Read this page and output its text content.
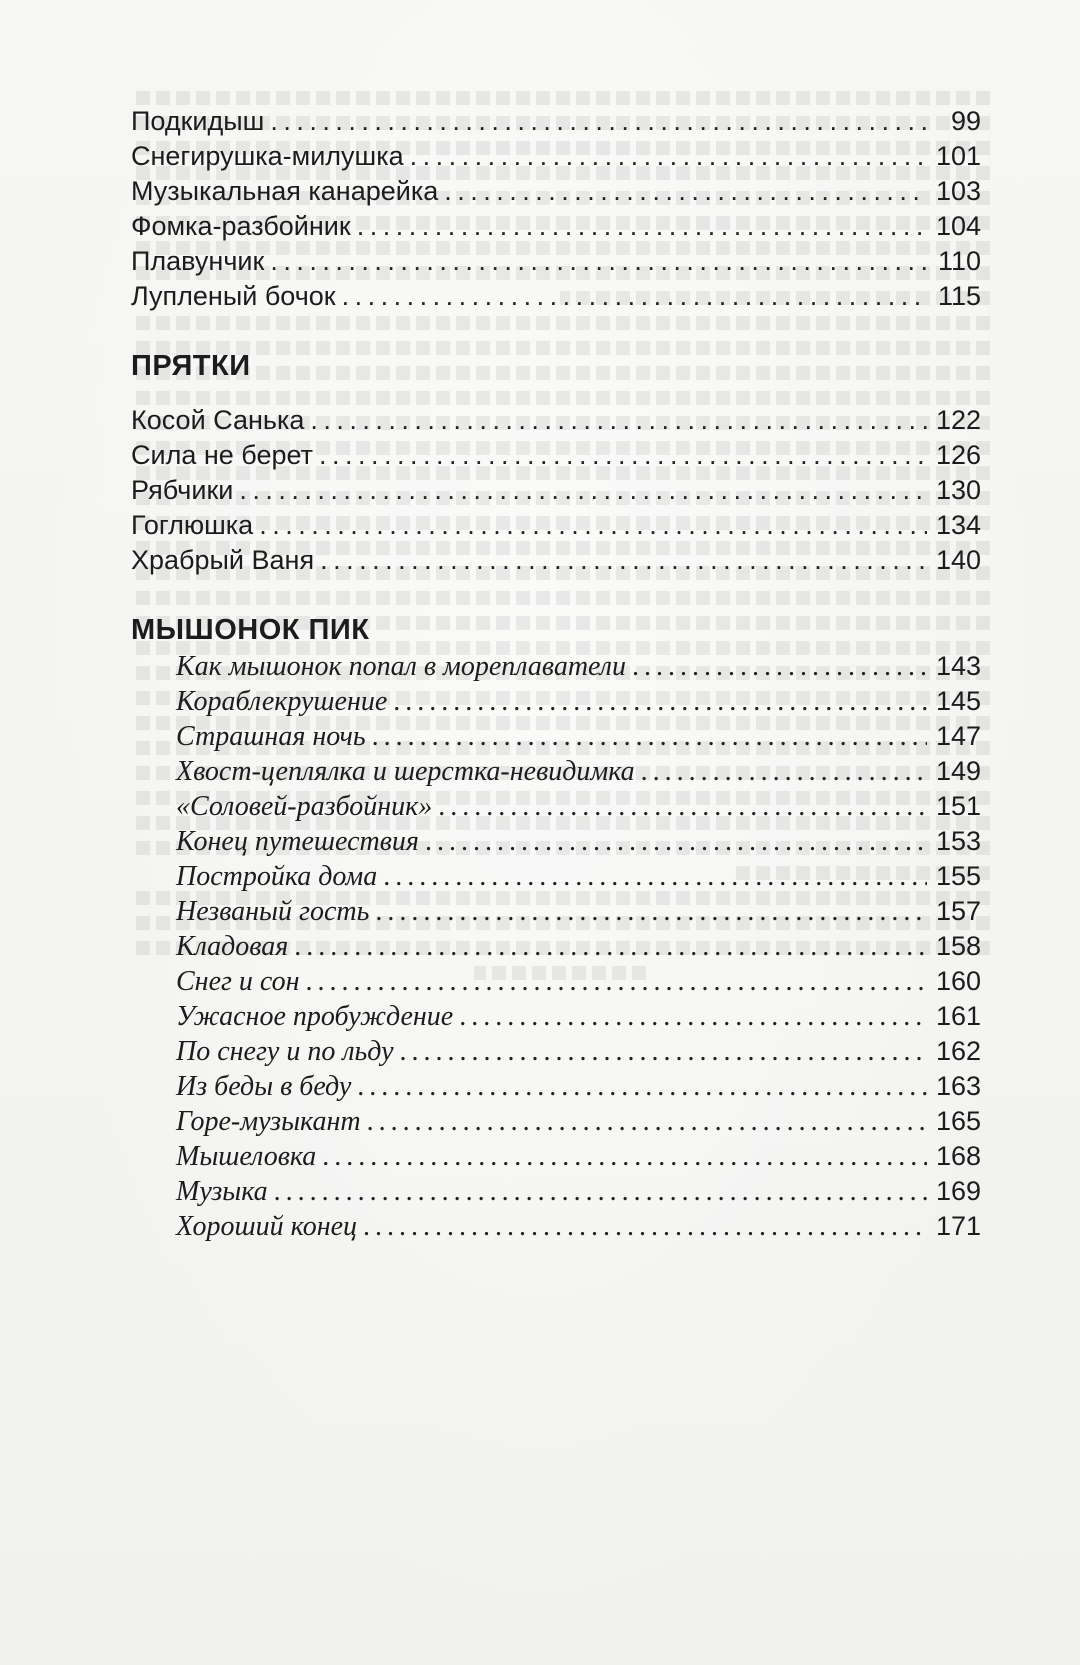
Подкидыш . . .	99
Снегирушка-милушка . . .	101
Музыкальная канарейка . . .	103
Фомка-разбойник . . .	104
Плавунчик . . .	110
Лупленый бочок . . .	115
ПРЯТКИ
Косой Санька . . .	122
Сила не берет . . .	126
Рябчики . . .	130
Гоглюшка . . .	134
Храбрый Ваня . . .	140
МЫШОНОК ПИК
Как мышонок попал в мореплаватели . . .	143
Кораблекрушение . . .	145
Страшная ночь . . .	147
Хвост-цеплялка и шерстка-невидимка . . .	149
«Соловей-разбойник» . . .	151
Конец путешествия . . .	153
Постройка дома . . .	155
Незваный гость . . .	157
Кладовая . . .	158
Снег и сон . . .	160
Ужасное пробуждение . . .	161
По снегу и по льду . . .	162
Из беды в беду . . .	163
Горе-музыкант . . .	165
Мышеловка . . .	168
Музыка . . .	169
Хороший конец . . .	171
